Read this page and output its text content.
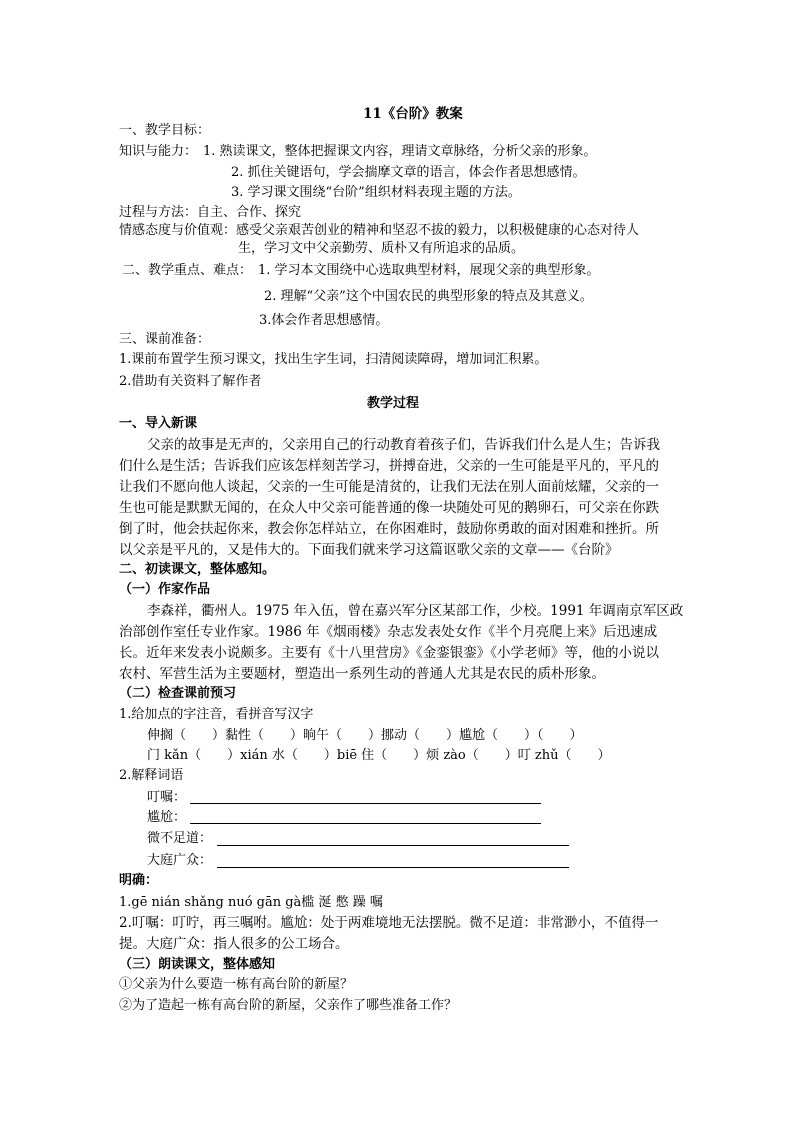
11《台阶》教案
一、教学目标：
知识与能力： 1. 熟读课文，整体把握课文内容，理请文章脉络，分析父亲的形象。
2. 抓住关键语句，学会揣摩文章的语言，体会作者思想感情。
3. 学习课文围绕“台阶”组织材料表现主题的方法。
过程与方法：自主、合作、探究
情感态度与价值观：感受父亲艰苦创业的精神和坚忍不拔的毅力，以积极健康的心态对待人
生，学习文中父亲勤劳、质朴又有所追求的品质。
二、教学重点、难点： 1. 学习本文围绕中心选取典型材料，展现父亲的典型形象。
2. 理解“父亲”这个中国农民的典型形象的特点及其意义。
3.体会作者思想感情。
三、课前准备：
1.课前布置学生预习课文，找出生字生词，扫清阅读障碍，增加词汇积累。
2.借助有关资料了解作者
教学过程
一、导入新课
父亲的故事是无声的，父亲用自己的行动教育着孩子们，告诉我们什么是人生；告诉我
们什么是生活；告诉我们应该怎样刻苦学习，拼搏奋进，父亲的一生可能是平凡的，平凡的
让我们不愿向他人谈起，父亲的一生可能是清贫的，让我们无法在别人面前炫耀，父亲的一
生也可能是默默无闻的，在众人中父亲可能普通的像一块随处可见的鹅卵石，可父亲在你跌
倒了时，他会扶起你来，教会你怎样站立，在你困难时，鼓励你勇敢的面对困难和挫折。所
以父亲是平凡的，又是伟大的。下面我们就来学习这篇讴歌父亲的文章——《台阶》
二、初读课文，整体感知。
（一）作家作品
李森祥，衢州人。1975 年入伍，曾在嘉兴军分区某部工作，少校。1991 年调南京军区政
治部创作室任专业作家。1986 年《烟雨楼》杂志发表处女作《半个月亮爬上来》后迅速成
长。近年来发表小说颇多。主要有《十八里营房》《金銮银銮》《小学老师》等，他的小说以
农村、军营生活为主要题材，塑造出一系列生动的普通人尤其是农民的质朴形象。
（二）检查课前预习
1.给加点的字注音，看拼音写汉字
伸搁（　　）黏性（　　）晌午（　　）挪动（　　）尴尬（　　）（　　）
门 kǎn（　　）xián 水（　　）biē 住（　　）烦 zào（　　）叮 zhǔ（　　）
2.解释词语
叮嘱：
尴尬：
微不足道：
大庭广众：
明确：
1.gē nián shǎng nuó gān gà槛 涎 憋 躁 嘱
2.叮嘱：叮咛，再三嘱咐。尴尬：处于两难境地无法摆脱。微不足道：非常渺小，不值得一
提。大庭广众：指人很多的公工场合。
（三）朗读课文，整体感知
①父亲为什么要造一栋有高台阶的新屋？
②为了造起一栋有高台阶的新屋，父亲作了哪些准备工作？
